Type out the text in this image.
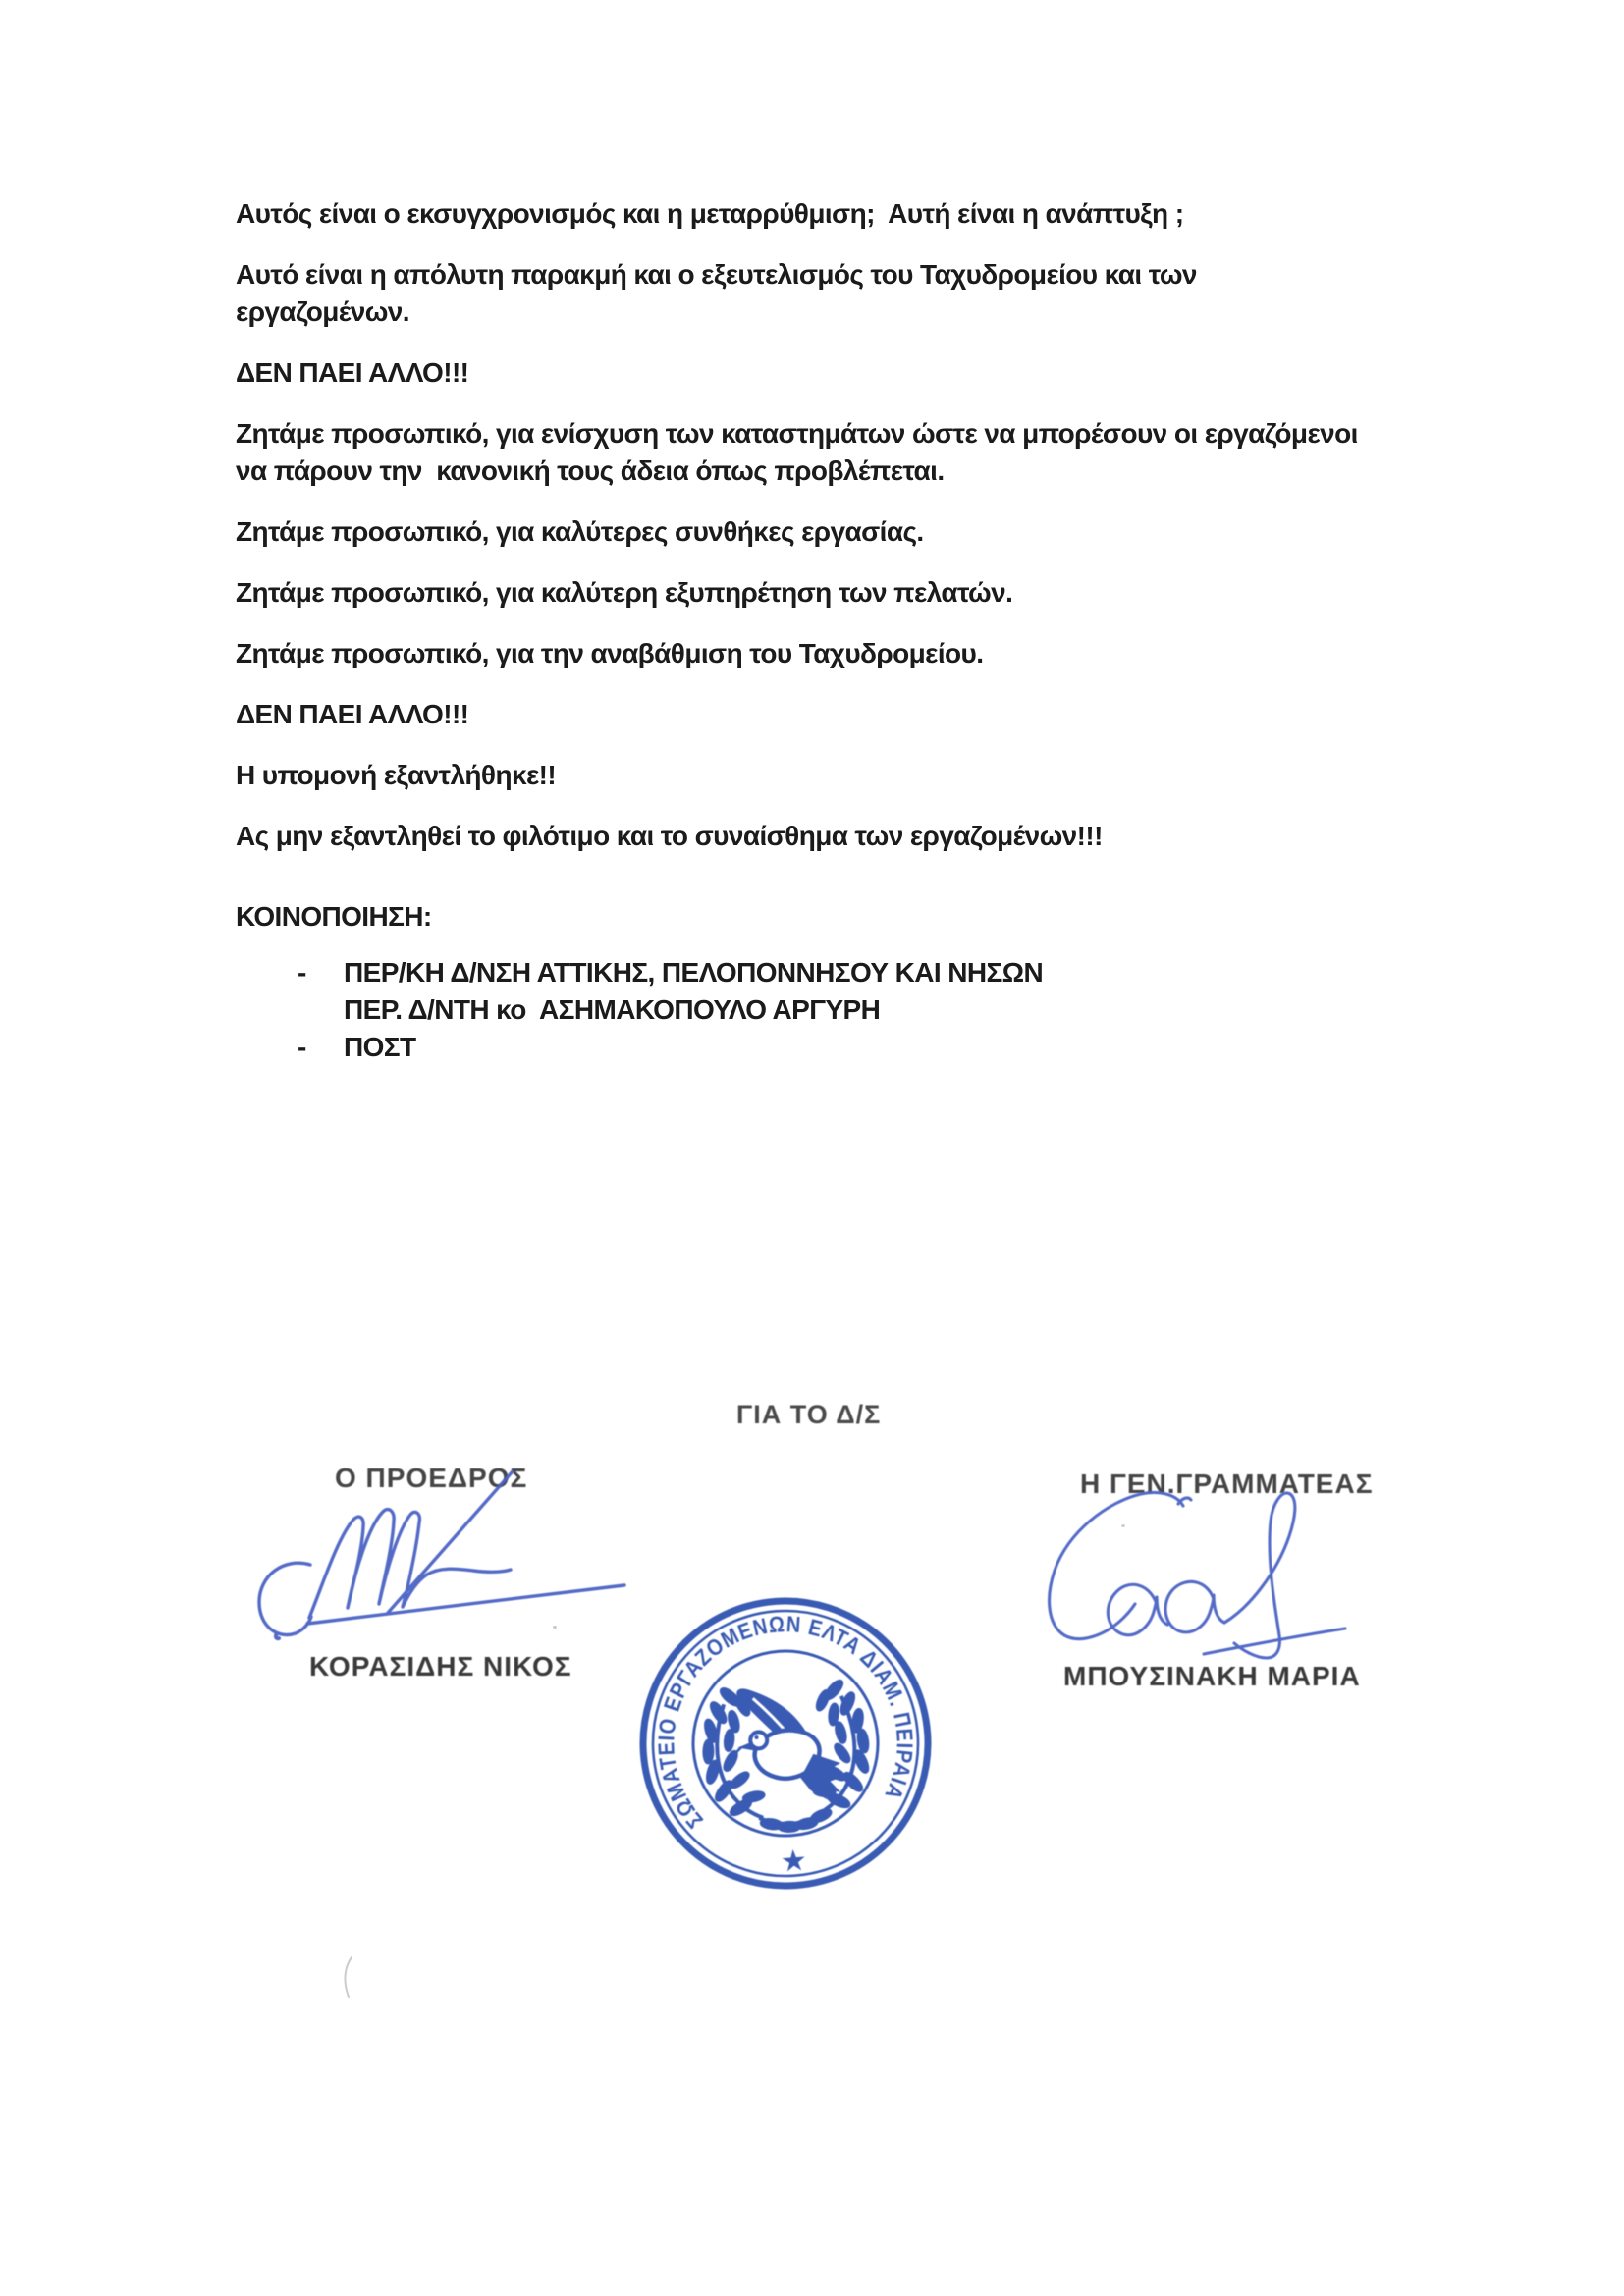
Αυτός είναι ο εκσυγχρονισμός και η μεταρρύθμιση;  Αυτή είναι η ανάπτυξη ;
Αυτό είναι η απόλυτη παρακμή και ο εξευτελισμός του Ταχυδρομείου και των
εργαζομένων.
ΔΕΝ ΠΑΕΙ ΑΛΛΟ!!!
Ζητάμε προσωπικό, για ενίσχυση των καταστημάτων ώστε να μπορέσουν οι εργαζόμενοι
να πάρουν την  κανονική τους άδεια όπως προβλέπεται.
Ζητάμε προσωπικό, για καλύτερες συνθήκες εργασίας.
Ζητάμε προσωπικό, για καλύτερη εξυπηρέτηση των πελατών.
Ζητάμε προσωπικό, για την αναβάθμιση του Ταχυδρομείου.
ΔΕΝ ΠΑΕΙ ΑΛΛΟ!!!
Η υπομονή εξαντλήθηκε!!
Ας μην εξαντληθεί το φιλότιμο και το συναίσθημα των εργαζομένων!!!
ΚΟΙΝΟΠΟΙΗΣΗ:
-	ΠΕΡ/ΚΗ Δ/ΝΣΗ ΑΤΤΙΚΗΣ, ΠΕΛΟΠΟΝΝΗΣΟΥ ΚΑΙ ΝΗΣΩΝ
ΠΕΡ. Δ/ΝΤΗ κο  ΑΣΗΜΑΚΟΠΟΥΛΟ ΑΡΓΥΡΗ
-	ΠΟΣΤ
ΓΙΑ ΤΟ Δ/Σ
Ο ΠΡΟΕΔΡΟΣ	Η ΓΕΝ.ΓΡΑΜΜΑΤΕΑΣ
ΚΟΡΑΣΙΔΗΣ ΝΙΚΟΣ	ΜΠΟΥΣΙΝΑΚΗ ΜΑΡΙΑ
ΣΩΜΑΤΕΙΟ ΕΡΓΑΖΟΜΕΝΩΝ ΕΛΤΑ ΔΙΑΜ. ΠΕΙΡΑΙΑ
★
